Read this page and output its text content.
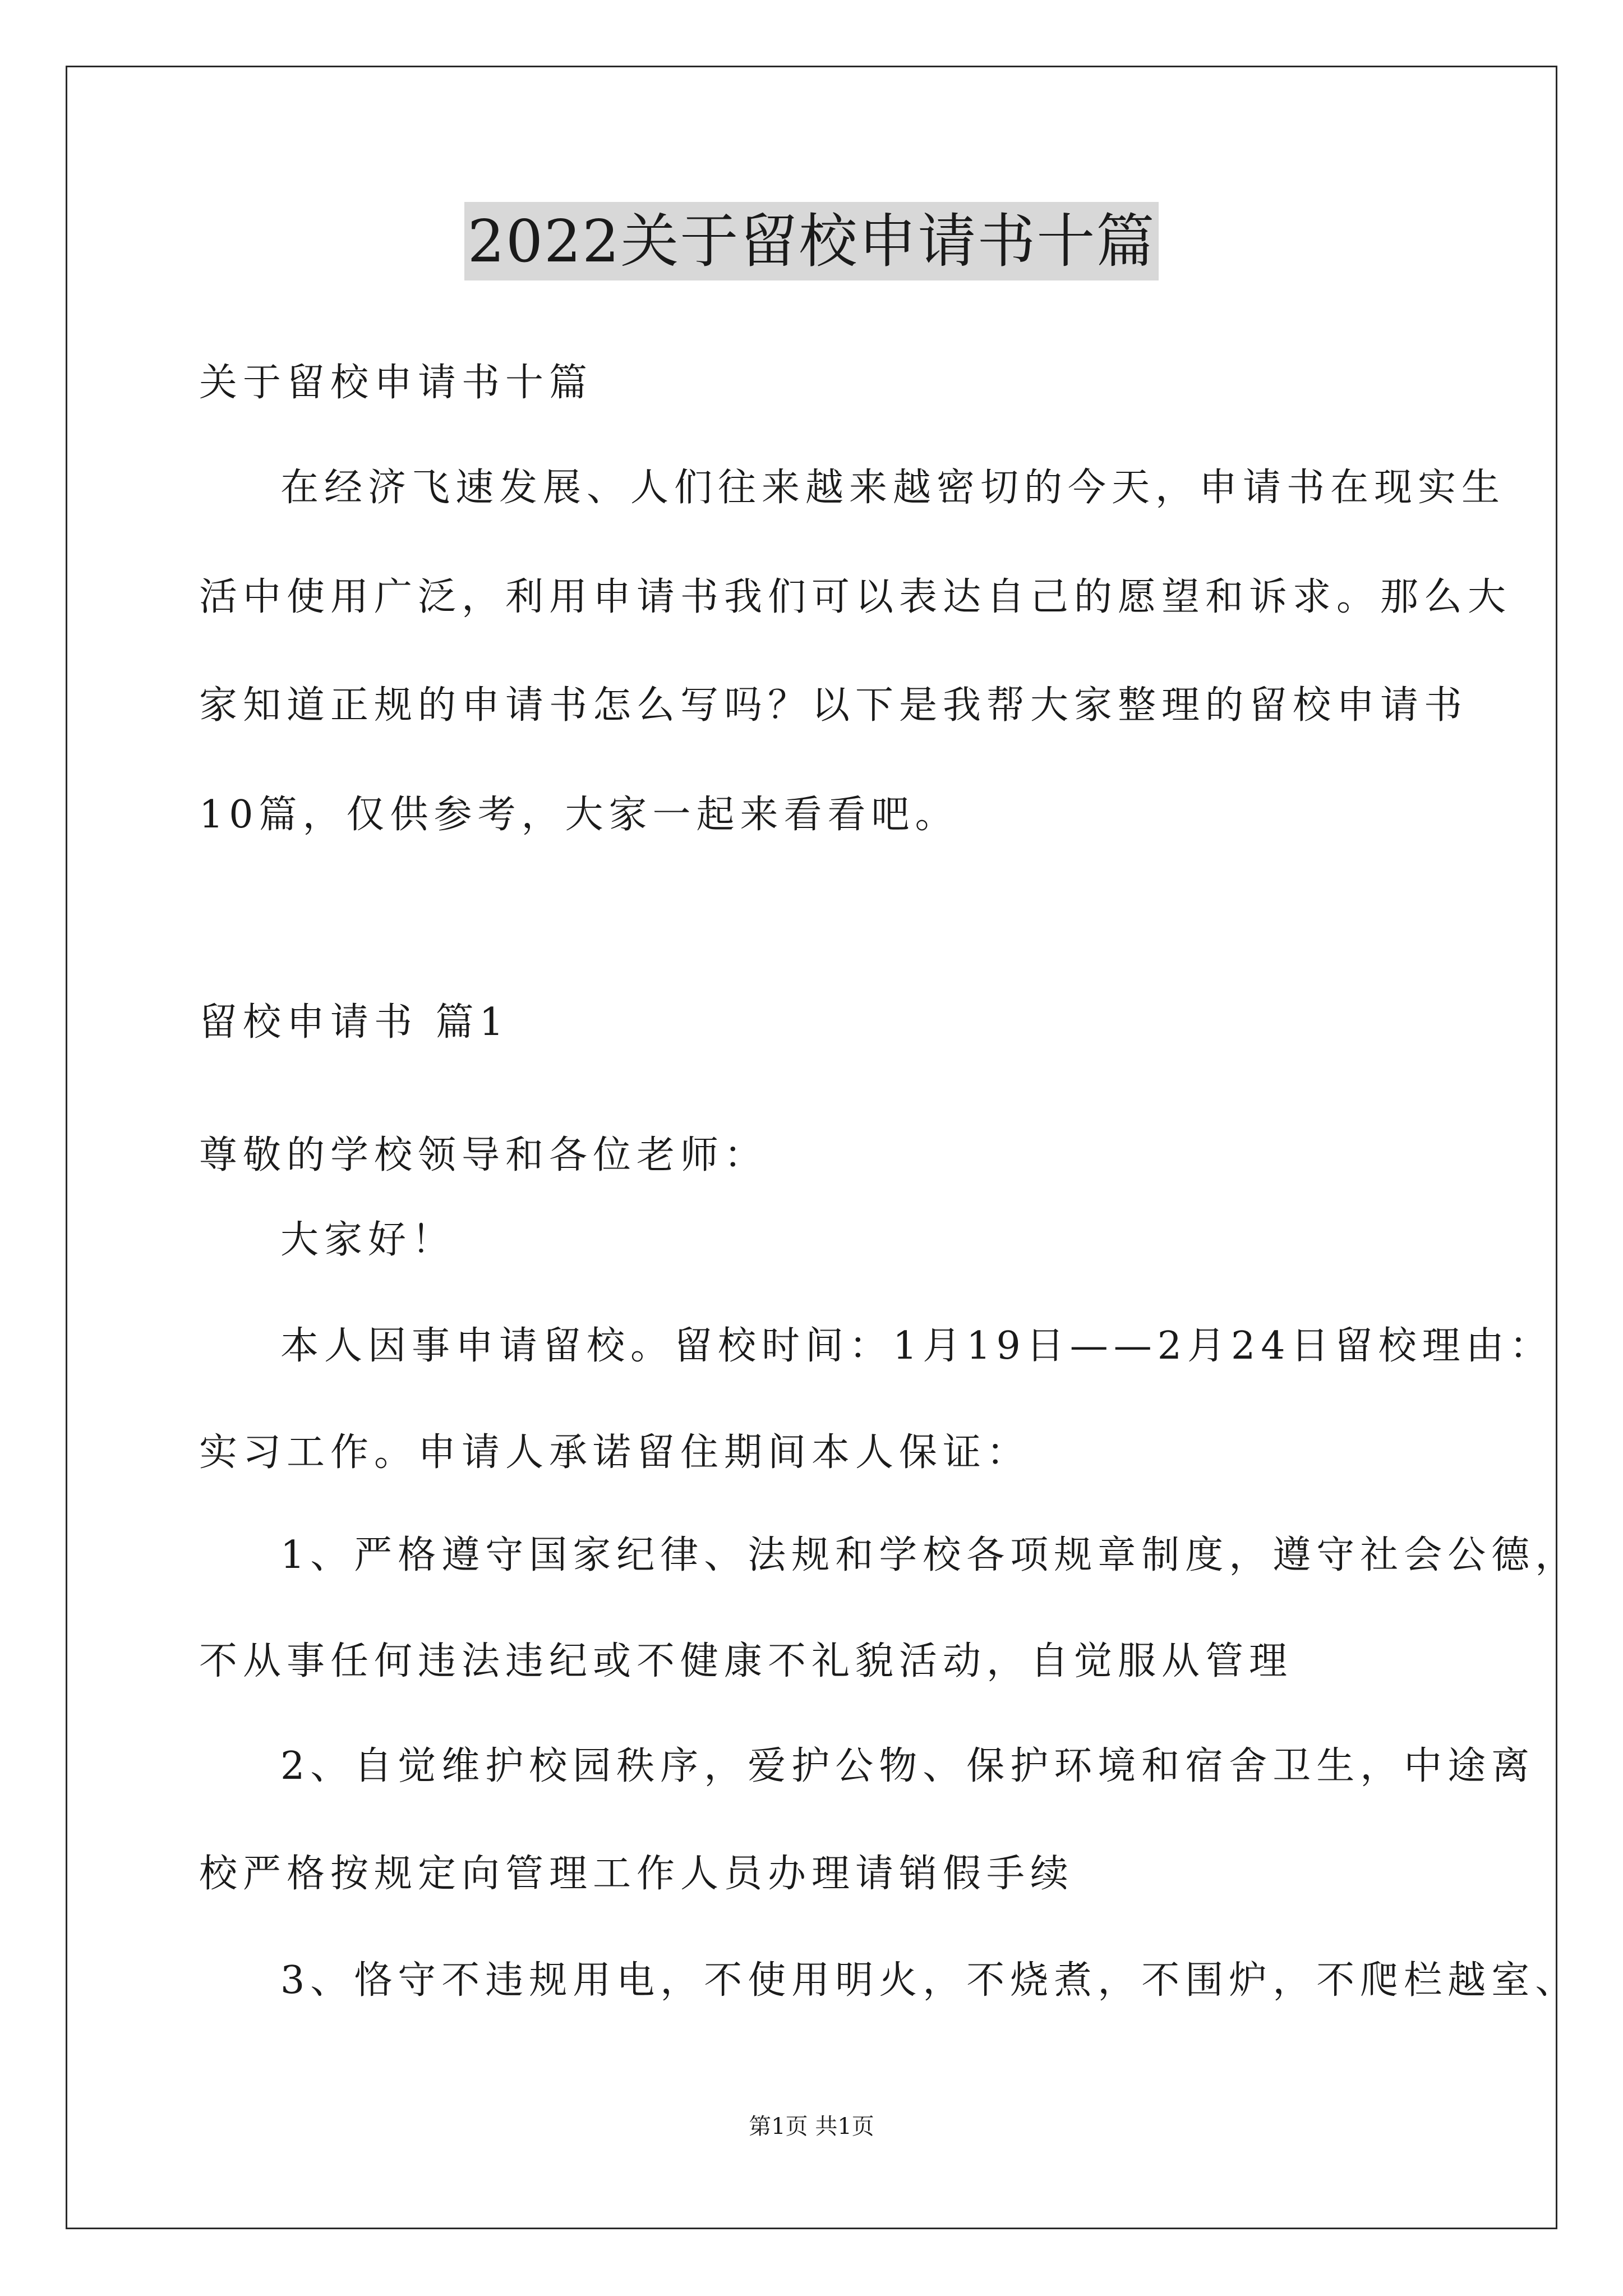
2022关于留校申请书十篇
关于留校申请书十篇
在经济飞速发展、人们往来越来越密切的今天，申请书在现实生
活中使用广泛，利用申请书我们可以表达自己的愿望和诉求。那么大
家知道正规的申请书怎么写吗？以下是我帮大家整理的留校申请书
10篇，仅供参考，大家一起来看看吧。
留校申请书 篇1
尊敬的学校领导和各位老师：
大家好！
本人因事申请留校。留校时间：1月19日——2月24日留校理由：
实习工作。申请人承诺留住期间本人保证：
1、严格遵守国家纪律、法规和学校各项规章制度，遵守社会公德，
不从事任何违法违纪或不健康不礼貌活动，自觉服从管理
2、自觉维护校园秩序，爱护公物、保护环境和宿舍卫生，中途离
校严格按规定向管理工作人员办理请销假手续
3、恪守不违规用电，不使用明火，不烧煮，不围炉，不爬栏越室、
第1页 共1页
